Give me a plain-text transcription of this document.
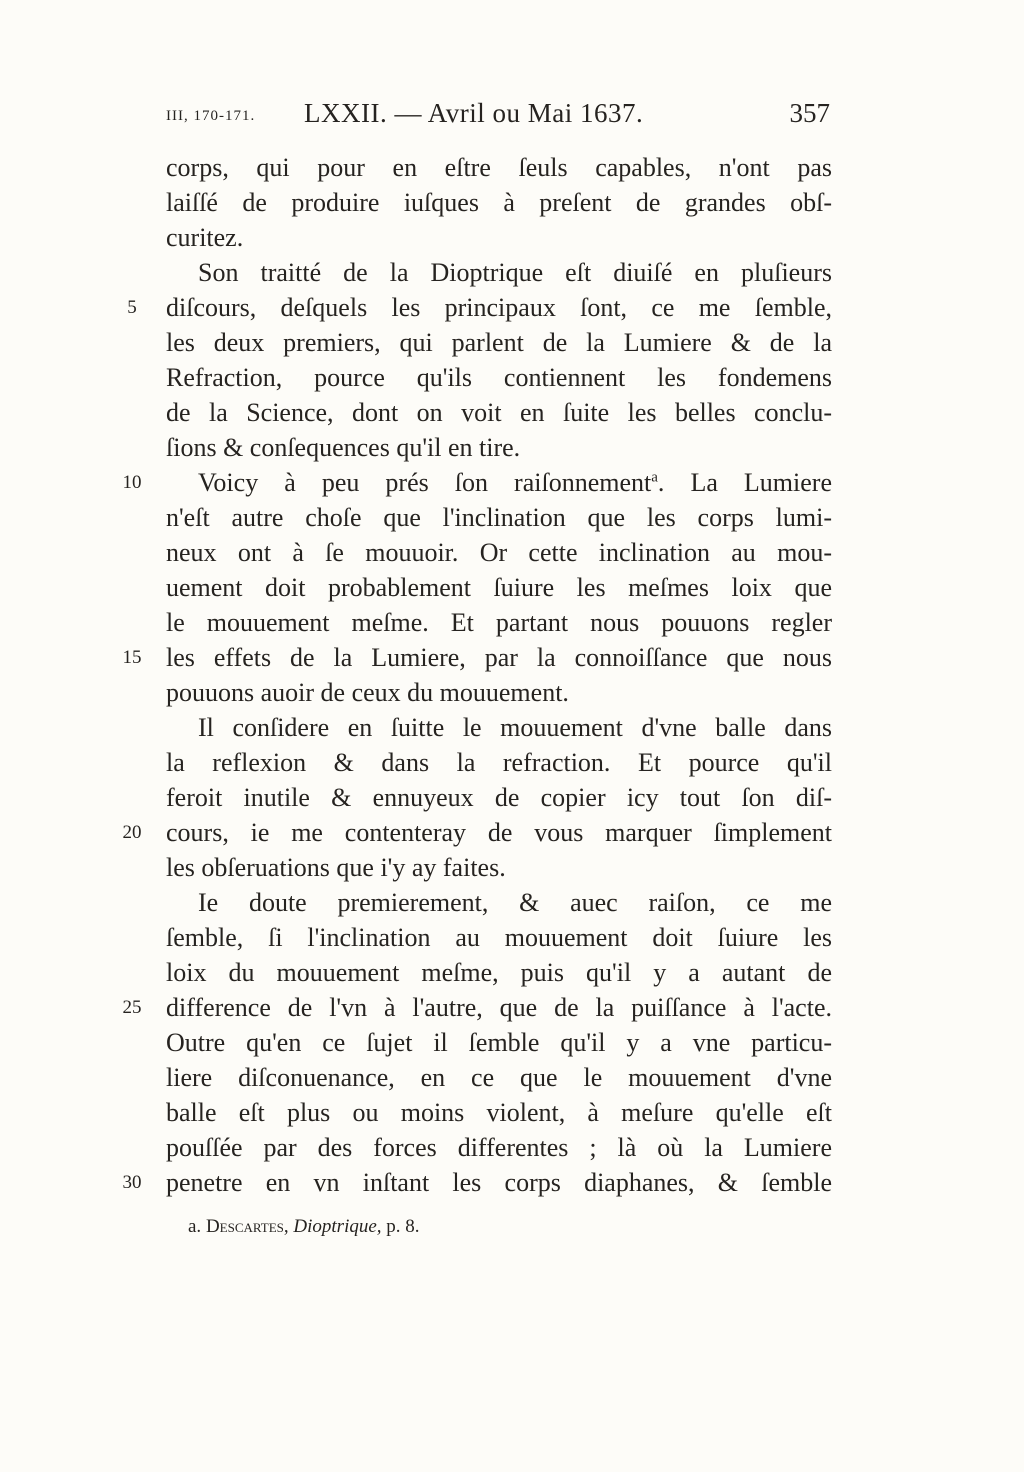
III, 170-171. LXXII. — Avril ou Mai 1637.	357
corps, qui pour en eſtre ſeuls capables, n'ont pas
laiſſé de produire iuſques à preſent de grandes obſ-
curitez.
Son traitté de la Dioptrique eſt diuiſé en pluſieurs
diſcours, deſquels les principaux ſont, ce me ſemble,
les deux premiers, qui parlent de la Lumiere & de la
Refraction, pource qu'ils contiennent les fondemens
de la Science, dont on voit en ſuite les belles conclu-
ſions & conſequences qu'il en tire.
Voicy à peu prés ſon raiſonnement$^a$. La Lumiere
n'eſt autre choſe que l'inclination que les corps lumi-
neux ont à ſe mouuoir. Or cette inclination au mou-
uement doit probablement ſuiure les meſmes loix que
le mouuement meſme. Et partant nous pouuons regler
les effets de la Lumiere, par la connoiſſance que nous
pouuons auoir de ceux du mouuement.
Il conſidere en ſuitte le mouuement d'vne balle dans
la reflexion & dans la refraction. Et pource qu'il
feroit inutile & ennuyeux de copier icy tout ſon diſ-
cours, ie me contenteray de vous marquer ſimplement
les obſeruations que i'y ay faites.
Ie doute premierement, & auec raiſon, ce me
ſemble, ſi l'inclination au mouuement doit ſuiure les
loix du mouuement meſme, puis qu'il y a autant de
difference de l'vn à l'autre, que de la puiſſance à l'acte.
Outre qu'en ce ſujet il ſemble qu'il y a vne particu-
liere diſconuenance, en ce que le mouuement d'vne
balle eſt plus ou moins violent, à meſure qu'elle eſt
pouſſée par des forces differentes ; là où la Lumiere
penetre en vn inſtant les corps diaphanes, & ſemble
5
10
15
20
25
30
a. Descartes, Dioptrique, p. 8.
